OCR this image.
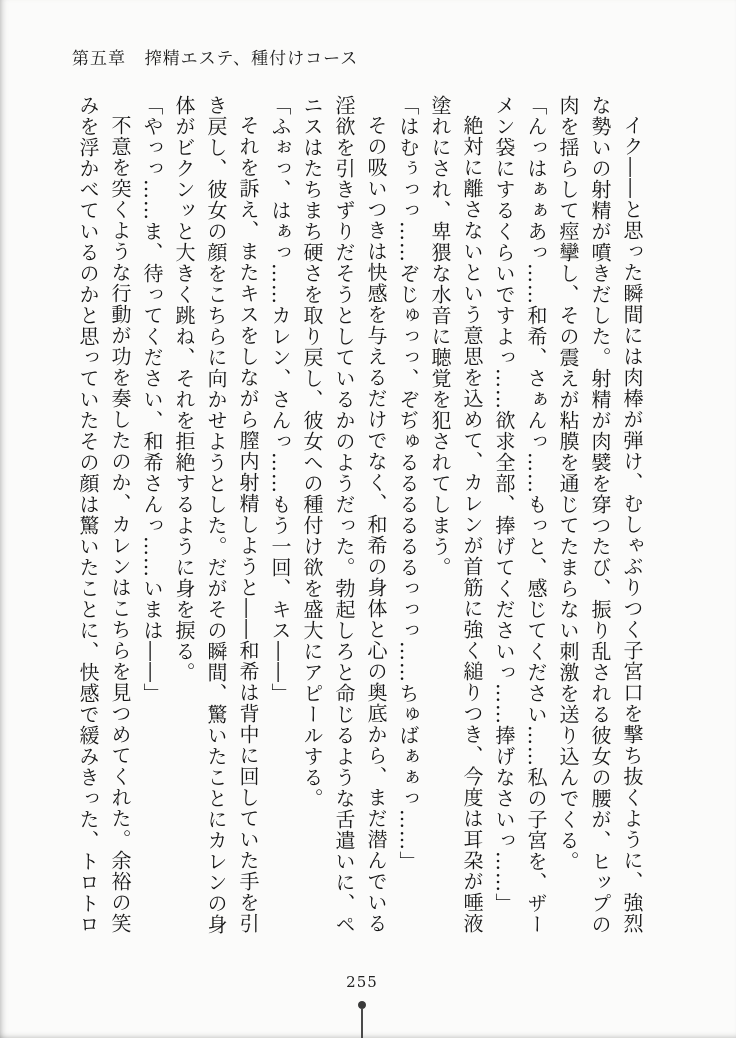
第五章 搾精エステ、種付けコース

イク――と思った瞬間には肉棒が弾け、むしゃぶりつく子宮口を撃ち抜くように、強烈な勢いの射精が噴きだした。射精が肉襞を穿つたび、振り乱される彼女の腰が、ヒップの肉を揺らして痙攣し、その震えが粘膜を通じてたまらない刺激を送り込んでくる。

「んっはぁぁあっ……和希、さぁんっ……もっと、感じてください……私の子宮を、ザーメン袋にするくらいですよっ……欲求全部、捧げてくださいっ……捧げなさいっ……」

絶対に離さないという意思を込めて、カレンが首筋に強く縋りつき、今度は耳朶が唾液塗れにされ、卑猥な水音に聴覚を犯されてしまう。

「はむぅっっ……ぞじゅっっ、ぞぢゅるるるるるるっっっ……ちゅばぁぁっ……」

その吸いつきは快感を与えるだけでなく、和希の身体と心の奥底から、まだ潜んでいる淫欲を引きずりだそうとしているかのようだった。勃起しろと命じるような舌遣いに、ペニスはたちまち硬さを取り戻し、彼女への種付け欲を盛大にアピールする。

「ふぉっ、はぁっ……カレン、さんっ……もう一回、キス――」

それを訴え、またキスをしながら膣内射精しようと――和希は背中に回していた手を引き戻し、彼女の顔をこちらに向かせようとした。だがその瞬間、驚いたことにカレンの身体がビクンッと大きく跳ね、それを拒絶するように身を捩る。

「やっっ……ま、待ってください、和希さんっ……いまは――」

不意を突くような行動が功を奏したのか、カレンはこちらを見つめてくれた。余裕の笑みを浮かべているのかと思っていたその顔は驚いたことに、快感で緩みきった、トロトロ

255
